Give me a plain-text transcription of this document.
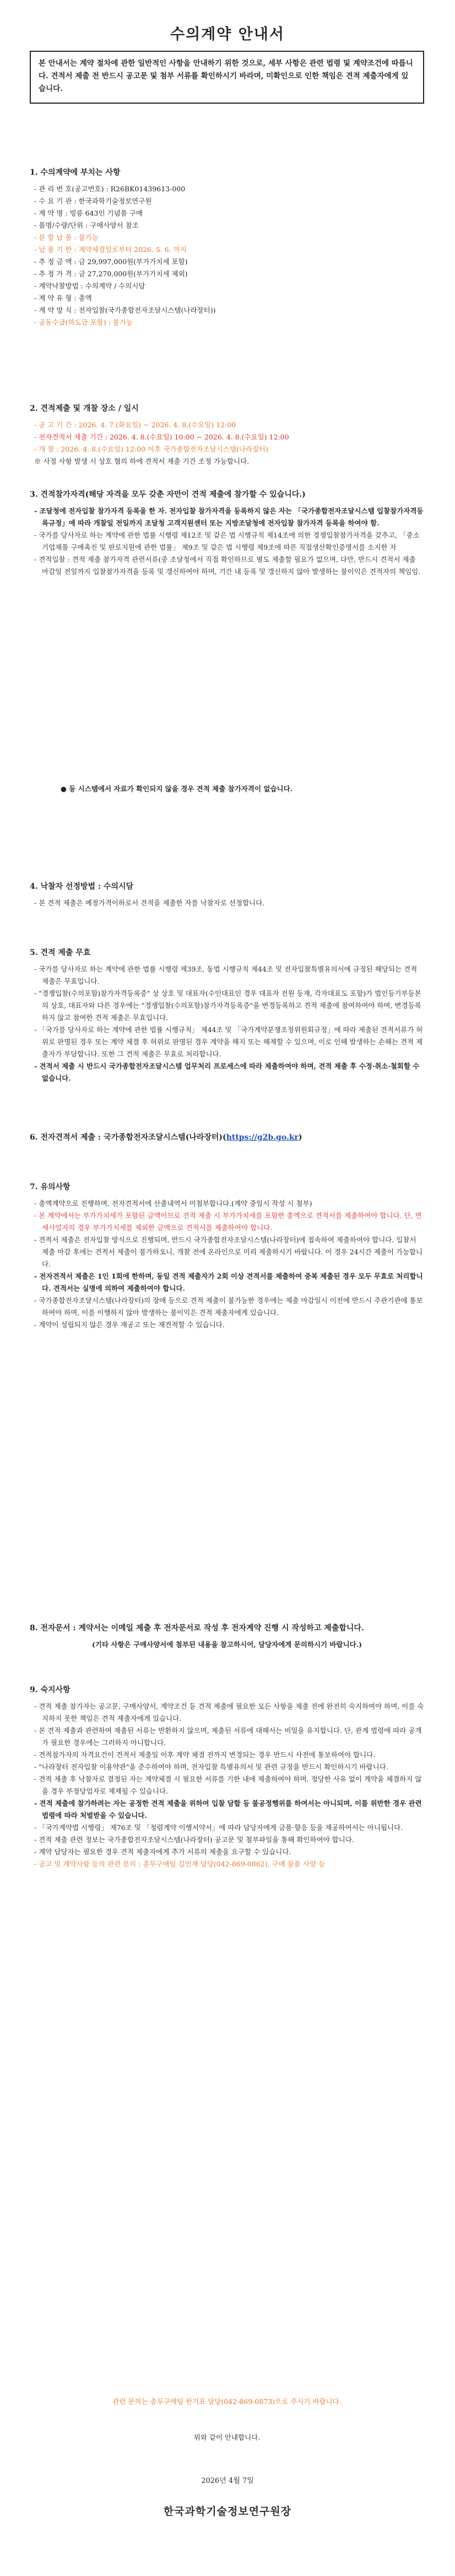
수의계약 안내서
본 안내서는 계약 절차에 관한 일반적인 사항을 안내하기 위한 것으로, 세부 사항은 관련 법령 및 계약조건에 따릅니다. 견적서 제출 전 반드시 공고문 및 첨부 서류를 확인하시기 바라며, 미확인으로 인한 책임은 견적 제출자에게 있습니다.

1. 수의계약에 부치는 사항

- 관 리 번 호(공고번호) : R26BK01439613-000

- 수 요 기 관 : 한국과학기술정보연구원

- 계 약 명 : 빙릉 643인 기념품 구매

- 품명/수량/단위 : 구매사양서 참조

- 분 할 납 품 : 불가능

- 납 품 기 한 : 계약체결일로부터 2026. 5. 6. 까지

- 추 정 금 액 : 금 29,997,000원(부가가치세 포함)

- 추 정 가 격 : 금 27,270,000원(부가가치세 제외)

- 계약낙찰방법 : 수의계약 / 수의시담

- 계 약 유 형 : 총액

- 계 약 방 식 : 전자입찰(국가종합전자조달시스템(나라장터))

- 공동수급(하도급 포함) : 불가능

2. 견적제출 및 개찰 장소 / 일시

- 공 고 기 간 : 2026. 4. 7.(화요일) ~ 2026. 4. 8.(수요일) 12:00

- 전자견적서 제출 기간 : 2026. 4. 8.(수요일) 10:00 ~ 2026. 4. 8.(수요일) 12:00

- 개 찰 : 2026. 4. 8.(수요일) 12:00 이후 국가종합전자조달시스템(나라장터)

※ 사정 사항 발생 시 상호 협의 하에 견적서 제출 기간 조정 가능합니다.

3. 견적참가자격(해당 자격을 모두 갖춘 자만이 견적 제출에 참가할 수 있습니다.)

- 조달청에 전자입찰 참가자격 등록을 한 자. 전자입찰 참가자격을 등록하지 않은 자는 「국가종합전자조달시스템 입찰참가자격등록규정」에 따라 개찰일 전일까지 조달청 고객지원센터 또는 지방조달청에 전자입찰 참가자격 등록을 하여야 함.

- 국가를 당사자로 하는 계약에 관한 법률 시행령 제12조 및 같은 법 시행규칙 제14조에 의한 경쟁입찰참가자격을 갖추고, 「중소기업제품 구매촉진 및 판로지원에 관한 법률」 제9조 및 같은 법 시행령 제9조에 따른 직접생산확인증명서를 소지한 자

- 견적입찰 : 견적 제출 참가자격 관련서류(중 조달청에서 직접 확인하므로 별도 제출할 필요가 없으며, 다만, 반드시 견적서 제출 마감일 전일까지 입찰참가자격을 등록 및 갱신하여야 하며, 기간 내 등록 및 갱신하지 않아 발생하는 불이익은 견적자의 책임임.

● 등 시스템에서 자료가 확인되지 않을 경우 견적 제출 참가자격이 없습니다.

4. 낙찰자 선정방법 : 수의시담

- 본 견적 제출은 예정가격이하로서 견적을 제출한 자를 낙찰자로 선정합니다.

5. 견적 제출 무효

- 국가를 당사자로 하는 계약에 관한 법률 시행령 제39조, 동법 시행규칙 제44조 및 전자입찰특별유의서에 규정된 해당되는 견적 제출은 무효입니다.

- "경쟁입찰(수의포함)참가자격등록증" 상 상호 및 대표자(수인대표인 경우 대표자 전원 등재, 각자대표도 포함)가 법인등기부등본의 상호, 대표자와 다른 경우에는 "경쟁입찰(수의포함)참가자격등록증"을 변경등록하고 견적 제출에 참여하여야 하며, 변경등록하지 않고 참여한 견적 제출은 무효입니다.

- 「국가를 당사자로 하는 계약에 관한 법률 시행규칙」 제44조 및 「국가계약분쟁조정위원회규정」에 따라 제출된 견적서류가 허위로 판명된 경우 또는 계약 체결 후 허위로 판명된 경우 계약을 해지 또는 해제할 수 있으며, 이로 인해 발생하는 손해는 견적 제출자가 부담합니다. 또한 그 견적 제출은 무효로 처리합니다.

- 견적서 제출 시 반드시 국가종합전자조달시스템 업무처리 프로세스에 따라 제출하여야 하며, 견적 제출 후 수정·취소·철회할 수 없습니다.

6. 전자견적서 제출 : 국가종합전자조달시스템(나라장터)(https://g2b.go.kr)

7. 유의사항

- 총액계약으로 진행하며, 전자견적서에 산출내역서 미첨부합니다.(계약 중일시 작성 시 첨부)

- 본 계약에서는 부가가치세가 포함된 금액이므로 견적 제출 시 부가가치세를 포함한 총액으로 견적서를 제출하여야 합니다. 단, 면세사업자의 경우 부가가치세를 제외한 금액으로 견적서를 제출하여야 합니다.

- 견적서 제출은 전자입찰 방식으로 진행되며, 반드시 국가종합전자조달시스템(나라장터)에 접속하여 제출하여야 합니다. 입찰서 제출 마감 후에는 견적서 제출이 불가하오니, 개찰 전에 온라인으로 미리 제출하시기 바랍니다. 이 경우 24시간 제출이 가능합니다.

- 전자견적서 제출은 1인 1회에 한하며, 동일 견적 제출자가 2회 이상 견적서를 제출하여 중복 제출된 경우 모두 무효로 처리합니다. 견적서는 실명에 의하여 제출하여야 합니다.

- 국가종합전자조달시스템(나라장터)의 장애 등으로 견적 제출이 불가능한 경우에는 제출 마감일시 이전에 반드시 주관기관에 통보하여야 하며, 이를 이행하지 않아 발생하는 불이익은 견적 제출자에게 있습니다.

- 계약이 성립되지 않은 경우 재공고 또는 재견적할 수 있습니다.

8. 전자문서 : 계약서는 이메일 제출 후 전자문서로 작성 후 전자계약 진행 시 작성하고 제출합니다.

(기타 사항은 구매사양서에 첨부된 내용을 참고하시어, 담당자에게 문의하시기 바랍니다.)

9. 숙지사항

- 견적 제출 참가자는 공고문, 구매사양서, 계약조건 등 견적 제출에 필요한 모든 사항을 제출 전에 완전히 숙지하여야 하며, 이를 숙지하지 못한 책임은 견적 제출자에게 있습니다.

- 본 견적 제출과 관련하여 제출된 서류는 반환하지 않으며, 제출된 서류에 대해서는 비밀을 유지합니다. 단, 관계 법령에 따라 공개가 필요한 경우에는 그러하지 아니합니다.

- 견적참가자의 자격요건이 견적서 제출일 이후 계약 체결 전까지 변경되는 경우 반드시 사전에 통보하여야 합니다.

- "나라장터 전자입찰 이용약관"을 준수하여야 하며, 전자입찰 특별유의서 및 관련 규정을 반드시 확인하시기 바랍니다.

- 견적 제출 후 낙찰자로 결정된 자는 계약체결 시 필요한 서류를 기한 내에 제출하여야 하며, 정당한 사유 없이 계약을 체결하지 않을 경우 부정당업자로 제재될 수 있습니다.

- 견적 제출에 참가하려는 자는 공정한 견적 제출을 위하여 입찰 담합 등 불공정행위를 하여서는 아니되며, 이를 위반한 경우 관련 법령에 따라 처벌받을 수 있습니다.

- 「국가계약법 시행령」 제76조 및 「청렴계약 이행서약서」에 따라 담당자에게 금품·향응 등을 제공하여서는 아니됩니다.

- 견적 제출 관련 정보는 국가종합전자조달시스템(나라장터) 공고문 및 첨부파일을 통해 확인하여야 합니다.

- 계약 담당자는 필요한 경우 견적 제출자에게 추가 서류의 제출을 요구할 수 있습니다.

- 공고 및 계약사항 등의 관련 문의 : 총무구매팀 김민재 담당(042-869-0862), 구매 물품 사양 등

관련 문의는 총무구매팀 한기표 담당(042-869-0873)으로 주시기 바랍니다.

위와 같이 안내합니다.

2026년 4월 7일
한국과학기술정보연구원장
